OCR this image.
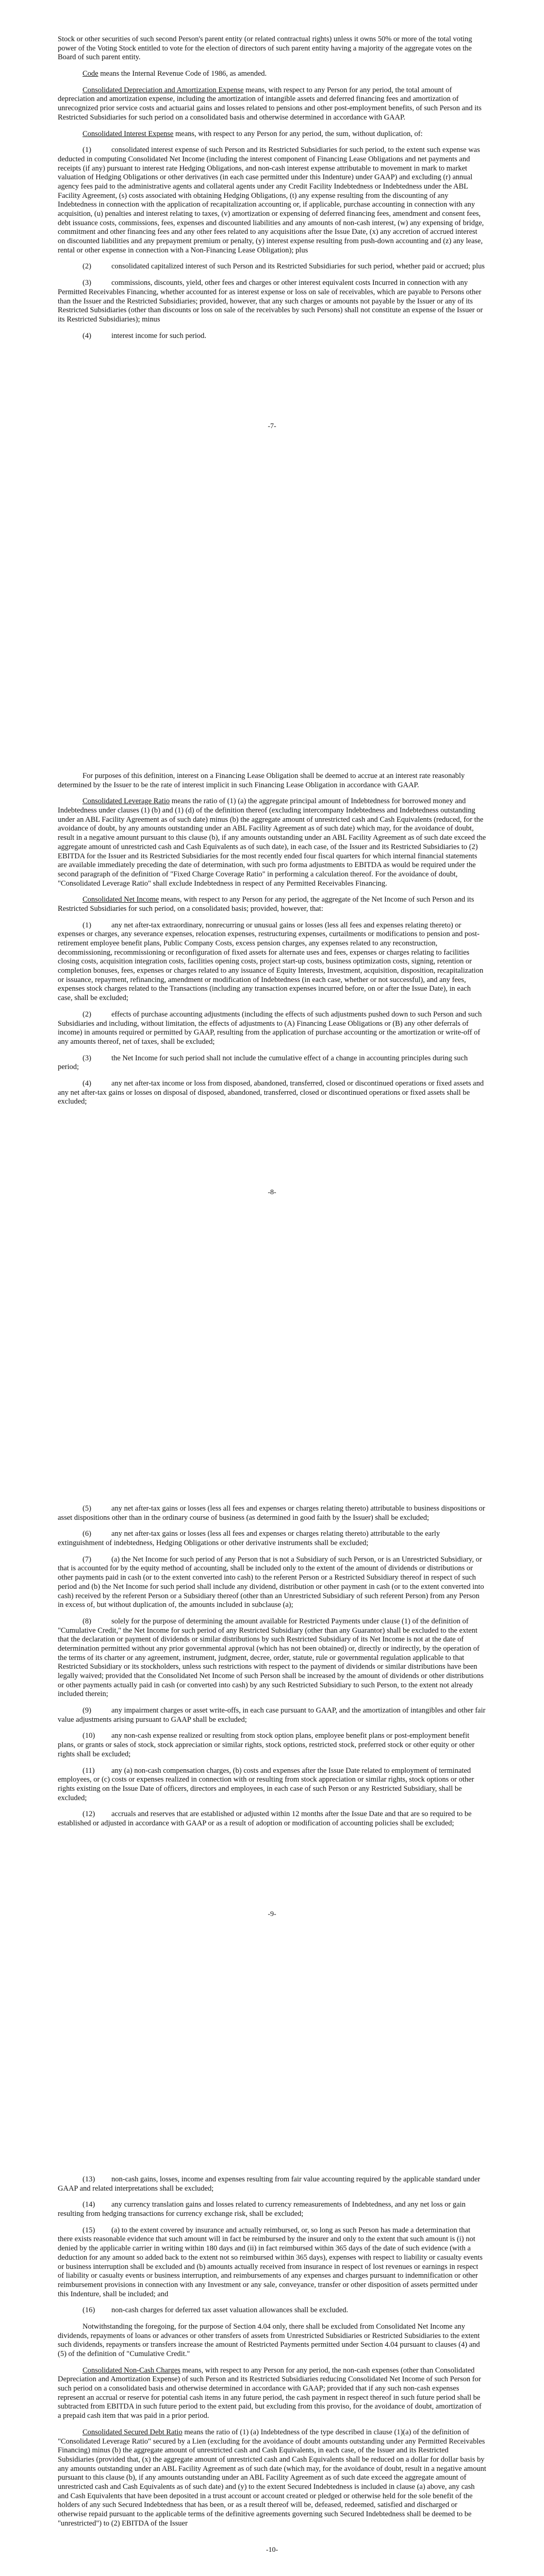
Stock or other securities of such second Person's parent entity (or related contractual rights) unless it owns 50% or more of the total voting power of the Voting Stock entitled to vote for the election of directors of such parent entity having a majority of the aggregate votes on the Board of such parent entity.

Code means the Internal Revenue Code of 1986, as amended.

Consolidated Depreciation and Amortization Expense means, with respect to any Person for any period, the total amount of depreciation and amortization expense, including the amortization of intangible assets and deferred financing fees and amortization of unrecognized prior service costs and actuarial gains and losses related to pensions and other post-employment benefits, of such Person and its Restricted Subsidiaries for such period on a consolidated basis and otherwise determined in accordance with GAAP.

Consolidated Interest Expense means, with respect to any Person for any period, the sum, without duplication, of:

(1)	consolidated interest expense of such Person and its Restricted Subsidiaries for such period, to the extent such expense was deducted in computing Consolidated Net Income (including the interest component of Financing Lease Obligations and net payments and receipts (if any) pursuant to interest rate Hedging Obligations, and non-cash interest expense attributable to movement in mark to market valuation of Hedging Obligations or other derivatives (in each case permitted under this Indenture) under GAAP) and excluding (r) annual agency fees paid to the administrative agents and collateral agents under any Credit Facility Indebtedness or Indebtedness under the ABL Facility Agreement, (s) costs associated with obtaining Hedging Obligations, (t) any expense resulting from the discounting of any Indebtedness in connection with the application of recapitalization accounting or, if applicable, purchase accounting in connection with any acquisition, (u) penalties and interest relating to taxes, (v) amortization or expensing of deferred financing fees, amendment and consent fees, debt issuance costs, commissions, fees, expenses and discounted liabilities and any amounts of non-cash interest, (w) any expensing of bridge, commitment and other financing fees and any other fees related to any acquisitions after the Issue Date, (x) any accretion of accrued interest on discounted liabilities and any prepayment premium or penalty, (y) interest expense resulting from push-down accounting and (z) any lease, rental or other expense in connection with a Non-Financing Lease Obligation); plus

(2)	consolidated capitalized interest of such Person and its Restricted Subsidiaries for such period, whether paid or accrued; plus

(3)	commissions, discounts, yield, other fees and charges or other interest equivalent costs Incurred in connection with any Permitted Receivables Financing, whether accounted for as interest expense or loss on sale of receivables, which are payable to Persons other than the Issuer and the Restricted Subsidiaries; provided, however, that any such charges or amounts not payable by the Issuer or any of its Restricted Subsidiaries (other than discounts or loss on sale of the receivables by such Persons) shall not constitute an expense of the Issuer or its Restricted Subsidiaries); minus

(4)	interest income for such period.

-7-

For purposes of this definition, interest on a Financing Lease Obligation shall be deemed to accrue at an interest rate reasonably determined by the Issuer to be the rate of interest implicit in such Financing Lease Obligation in accordance with GAAP.

Consolidated Leverage Ratio means the ratio of (1) (a) the aggregate principal amount of Indebtedness for borrowed money and Indebtedness under clauses (1) (b) and (1) (d) of the definition thereof (excluding intercompany Indebtedness and Indebtedness outstanding under an ABL Facility Agreement as of such date) minus (b) the aggregate amount of unrestricted cash and Cash Equivalents (reduced, for the avoidance of doubt, by any amounts outstanding under an ABL Facility Agreement as of such date) which may, for the avoidance of doubt, result in a negative amount pursuant to this clause (b), if any amounts outstanding under an ABL Facility Agreement as of such date exceed the aggregate amount of unrestricted cash and Cash Equivalents as of such date), in each case, of the Issuer and its Restricted Subsidiaries to (2) EBITDA for the Issuer and its Restricted Subsidiaries for the most recently ended four fiscal quarters for which internal financial statements are available immediately preceding the date of determination, with such pro forma adjustments to EBITDA as would be required under the second paragraph of the definition of "Fixed Charge Coverage Ratio" in performing a calculation thereof. For the avoidance of doubt, "Consolidated Leverage Ratio" shall exclude Indebtedness in respect of any Permitted Receivables Financing.

Consolidated Net Income means, with respect to any Person for any period, the aggregate of the Net Income of such Person and its Restricted Subsidiaries for such period, on a consolidated basis; provided, however, that:

(1)	any net after-tax extraordinary, nonrecurring or unusual gains or losses (less all fees and expenses relating thereto) or expenses or charges, any severance expenses, relocation expenses, restructuring expenses, curtailments or modifications to pension and post-retirement employee benefit plans, Public Company Costs, excess pension charges, any expenses related to any reconstruction, decommissioning, recommissioning or reconfiguration of fixed assets for alternate uses and fees, expenses or charges relating to facilities closing costs, acquisition integration costs, facilities opening costs, project start-up costs, business optimization costs, signing, retention or completion bonuses, fees, expenses or charges related to any issuance of Equity Interests, Investment, acquisition, disposition, recapitalization or issuance, repayment, refinancing, amendment or modification of Indebtedness (in each case, whether or not successful), and any fees, expenses stock charges related to the Transactions (including any transaction expenses incurred before, on or after the Issue Date), in each case, shall be excluded;

(2)	effects of purchase accounting adjustments (including the effects of such adjustments pushed down to such Person and such Subsidiaries and including, without limitation, the effects of adjustments to (A) Financing Lease Obligations or (B) any other deferrals of income) in amounts required or permitted by GAAP, resulting from the application of purchase accounting or the amortization or write-off of any amounts thereof, net of taxes, shall be excluded;

(3)	the Net Income for such period shall not include the cumulative effect of a change in accounting principles during such period;

(4)	any net after-tax income or loss from disposed, abandoned, transferred, closed or discontinued operations or fixed assets and any net after-tax gains or losses on disposal of disposed, abandoned, transferred, closed or discontinued operations or fixed assets shall be excluded;

-8-

(5)	any net after-tax gains or losses (less all fees and expenses or charges relating thereto) attributable to business dispositions or asset dispositions other than in the ordinary course of business (as determined in good faith by the Issuer) shall be excluded;

(6)	any net after-tax gains or losses (less all fees and expenses or charges relating thereto) attributable to the early extinguishment of indebtedness, Hedging Obligations or other derivative instruments shall be excluded;

(7)	(a) the Net Income for such period of any Person that is not a Subsidiary of such Person, or is an Unrestricted Subsidiary, or that is accounted for by the equity method of accounting, shall be included only to the extent of the amount of dividends or distributions or other payments paid in cash (or to the extent converted into cash) to the referent Person or a Restricted Subsidiary thereof in respect of such period and (b) the Net Income for such period shall include any dividend, distribution or other payment in cash (or to the extent converted into cash) received by the referent Person or a Subsidiary thereof (other than an Unrestricted Subsidiary of such referent Person) from any Person in excess of, but without duplication of, the amounts included in subclause (a);

(8)	solely for the purpose of determining the amount available for Restricted Payments under clause (1) of the definition of "Cumulative Credit," the Net Income for such period of any Restricted Subsidiary (other than any Guarantor) shall be excluded to the extent that the declaration or payment of dividends or similar distributions by such Restricted Subsidiary of its Net Income is not at the date of determination permitted without any prior governmental approval (which has not been obtained) or, directly or indirectly, by the operation of the terms of its charter or any agreement, instrument, judgment, decree, order, statute, rule or governmental regulation applicable to that Restricted Subsidiary or its stockholders, unless such restrictions with respect to the payment of dividends or similar distributions have been legally waived; provided that the Consolidated Net Income of such Person shall be increased by the amount of dividends or other distributions or other payments actually paid in cash (or converted into cash) by any such Restricted Subsidiary to such Person, to the extent not already included therein;

(9)	any impairment charges or asset write-offs, in each case pursuant to GAAP, and the amortization of intangibles and other fair value adjustments arising pursuant to GAAP shall be excluded;

(10) any non-cash expense realized or resulting from stock option plans, employee benefit plans or post-employment benefit plans, or grants or sales of stock, stock appreciation or similar rights, stock options, restricted stock, preferred stock or other equity or other rights shall be excluded;

(11) any (a) non-cash compensation charges, (b) costs and expenses after the Issue Date related to employment of terminated employees, or (c) costs or expenses realized in connection with or resulting from stock appreciation or similar rights, stock options or other rights existing on the Issue Date of officers, directors and employees, in each case of such Person or any Restricted Subsidiary, shall be excluded;

(12) accruals and reserves that are established or adjusted within 12 months after the Issue Date and that are so required to be established or adjusted in accordance with GAAP or as a result of adoption or modification of accounting policies shall be excluded;

-9-

(13) non-cash gains, losses, income and expenses resulting from fair value accounting required by the applicable standard under GAAP and related interpretations shall be excluded;

(14) any currency translation gains and losses related to currency remeasurements of Indebtedness, and any net loss or gain resulting from hedging transactions for currency exchange risk, shall be excluded;

(15) (a) to the extent covered by insurance and actually reimbursed, or, so long as such Person has made a determination that there exists reasonable evidence that such amount will in fact be reimbursed by the insurer and only to the extent that such amount is (i) not denied by the applicable carrier in writing within 180 days and (ii) in fact reimbursed within 365 days of the date of such evidence (with a deduction for any amount so added back to the extent not so reimbursed within 365 days), expenses with respect to liability or casualty events or business interruption shall be excluded and (b) amounts actually received from insurance in respect of lost revenues or earnings in respect of liability or casualty events or business interruption, and reimbursements of any expenses and charges pursuant to indemnification or other reimbursement provisions in connection with any Investment or any sale, conveyance, transfer or other disposition of assets permitted under this Indenture, shall be included; and

(16) non-cash charges for deferred tax asset valuation allowances shall be excluded.

Notwithstanding the foregoing, for the purpose of Section 4.04 only, there shall be excluded from Consolidated Net Income any dividends, repayments of loans or advances or other transfers of assets from Unrestricted Subsidiaries or Restricted Subsidiaries to the extent such dividends, repayments or transfers increase the amount of Restricted Payments permitted under Section 4.04 pursuant to clauses (4) and (5) of the definition of "Cumulative Credit."

Consolidated Non-Cash Charges means, with respect to any Person for any period, the non-cash expenses (other than Consolidated Depreciation and Amortization Expense) of such Person and its Restricted Subsidiaries reducing Consolidated Net Income of such Person for such period on a consolidated basis and otherwise determined in accordance with GAAP; provided that if any such non-cash expenses represent an accrual or reserve for potential cash items in any future period, the cash payment in respect thereof in such future period shall be subtracted from EBITDA in such future period to the extent paid, but excluding from this proviso, for the avoidance of doubt, amortization of a prepaid cash item that was paid in a prior period.

Consolidated Secured Debt Ratio means the ratio of (1) (a) Indebtedness of the type described in clause (1)(a) of the definition of "Consolidated Leverage Ratio" secured by a Lien (excluding for the avoidance of doubt amounts outstanding under any Permitted Receivables Financing) minus (b) the aggregate amount of unrestricted cash and Cash Equivalents, in each case, of the Issuer and its Restricted Subsidiaries (provided that, (x) the aggregate amount of unrestricted cash and Cash Equivalents shall be reduced on a dollar for dollar basis by any amounts outstanding under an ABL Facility Agreement as of such date (which may, for the avoidance of doubt, result in a negative amount pursuant to this clause (b), if any amounts outstanding under an ABL Facility Agreement as of such date exceed the aggregate amount of unrestricted cash and Cash Equivalents as of such date) and (y) to the extent Secured Indebtedness is included in clause (a) above, any cash and Cash Equivalents that have been deposited in a trust account or account created or pledged or otherwise held for the sole benefit of the holders of any such Secured Indebtedness that has been, or as a result thereof will be, defeased, redeemed, satisfied and discharged or otherwise repaid pursuant to the applicable terms of the definitive agreements governing such Secured Indebtedness shall be deemed to be "unrestricted") to (2) EBITDA of the Issuer

-10-
